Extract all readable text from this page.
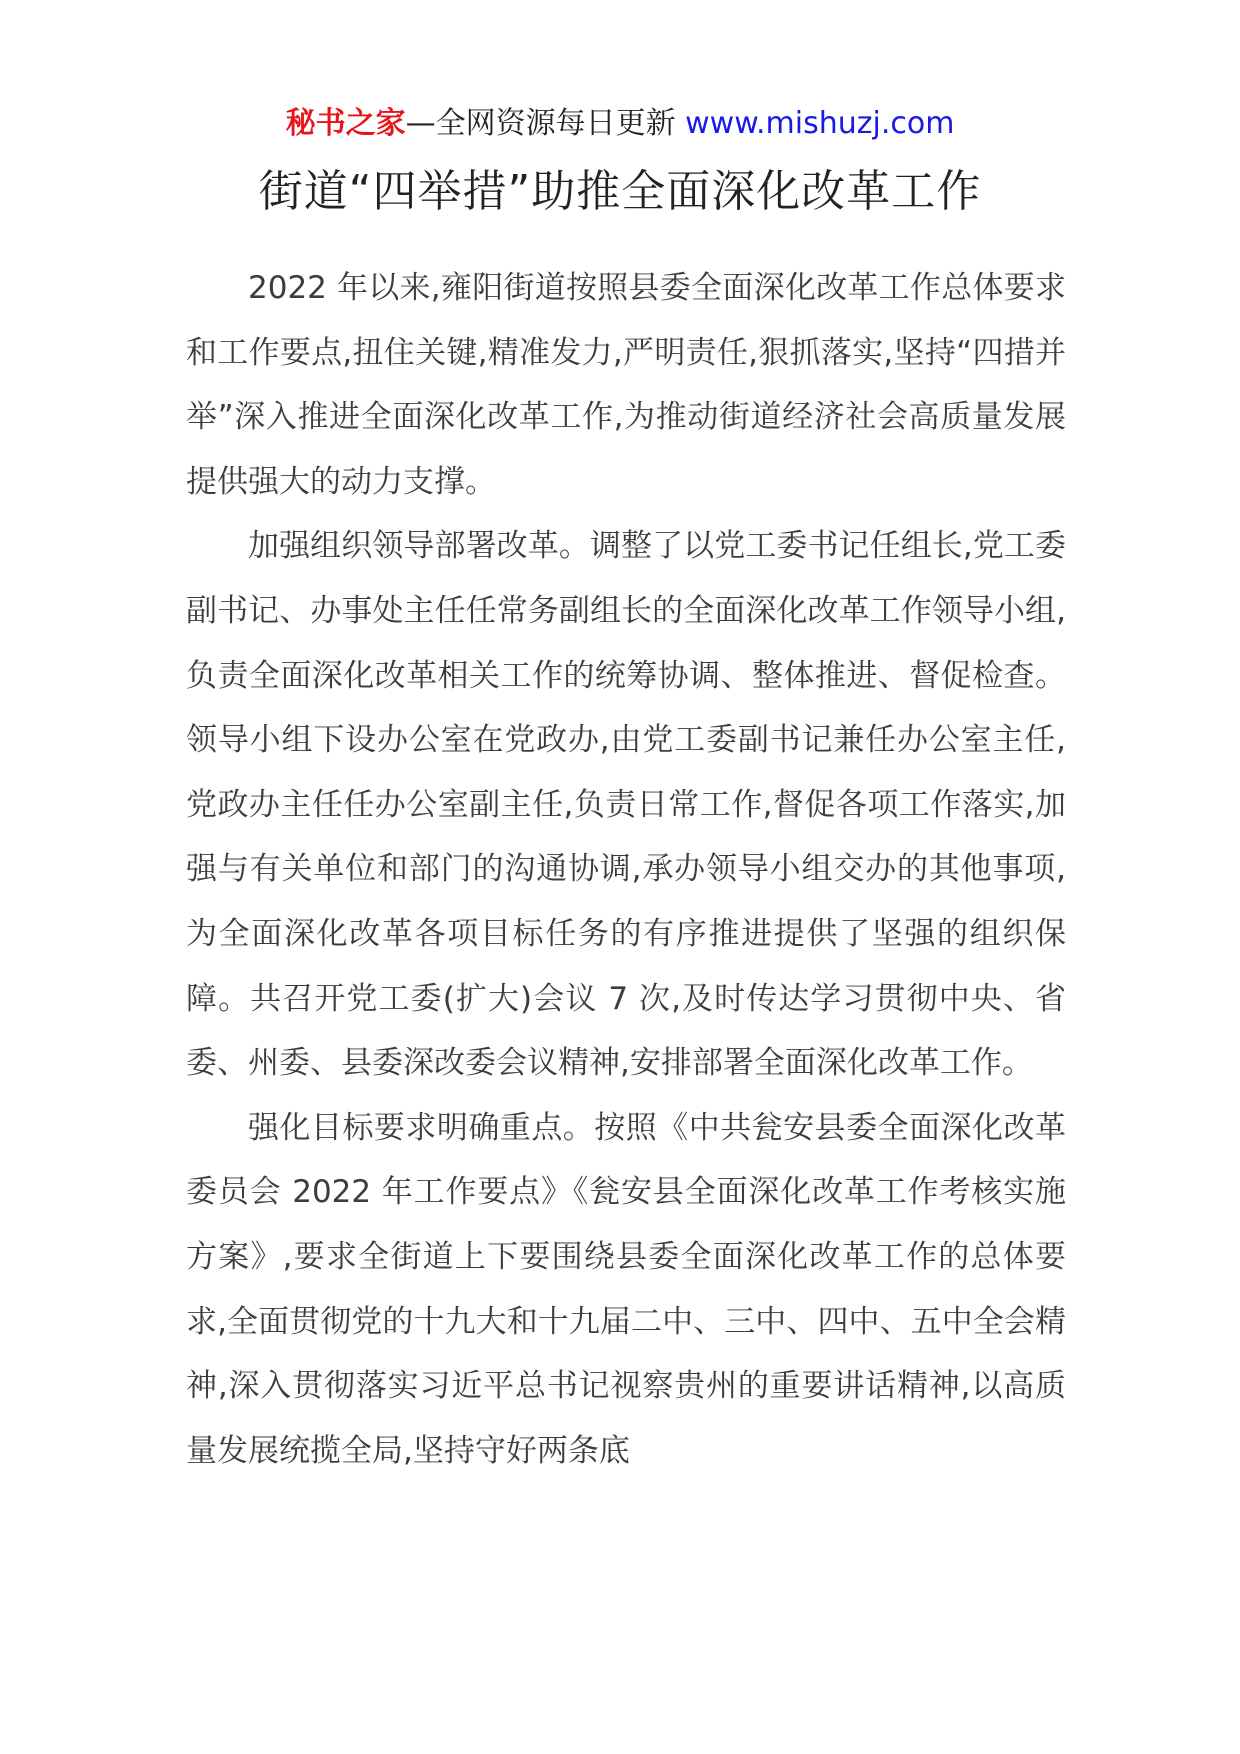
秘书之家—全网资源每日更新 www.mishuzj.com
街道“四举措”助推全面深化改革工作

2022 年以来,雍阳街道按照县委全面深化改革工作总体要求和工作要点,扭住关键,精准发力,严明责任,狠抓落实,坚持“四措并举”深入推进全面深化改革工作,为推动街道经济社会高质量发展提供强大的动力支撑。

加强组织领导部署改革。调整了以党工委书记任组长,党工委副书记、办事处主任任常务副组长的全面深化改革工作领导小组,负责全面深化改革相关工作的统筹协调、整体推进、督促检查。领导小组下设办公室在党政办,由党工委副书记兼任办公室主任,党政办主任任办公室副主任,负责日常工作,督促各项工作落实,加强与有关单位和部门的沟通协调,承办领导小组交办的其他事项,为全面深化改革各项目标任务的有序推进提供了坚强的组织保障。共召开党工委(扩大)会议 7 次,及时传达学习贯彻中央、省委、州委、县委深改委会议精神,安排部署全面深化改革工作。

强化目标要求明确重点。按照《中共瓮安县委全面深化改革委员会 2022 年工作要点》《瓮安县全面深化改革工作考核实施方案》,要求全街道上下要围绕县委全面深化改革工作的总体要求,全面贯彻党的十九大和十九届二中、三中、四中、五中全会精神,深入贯彻落实习近平总书记视察贵州的重要讲话精神,以高质量发展统揽全局,坚持守好两条底
